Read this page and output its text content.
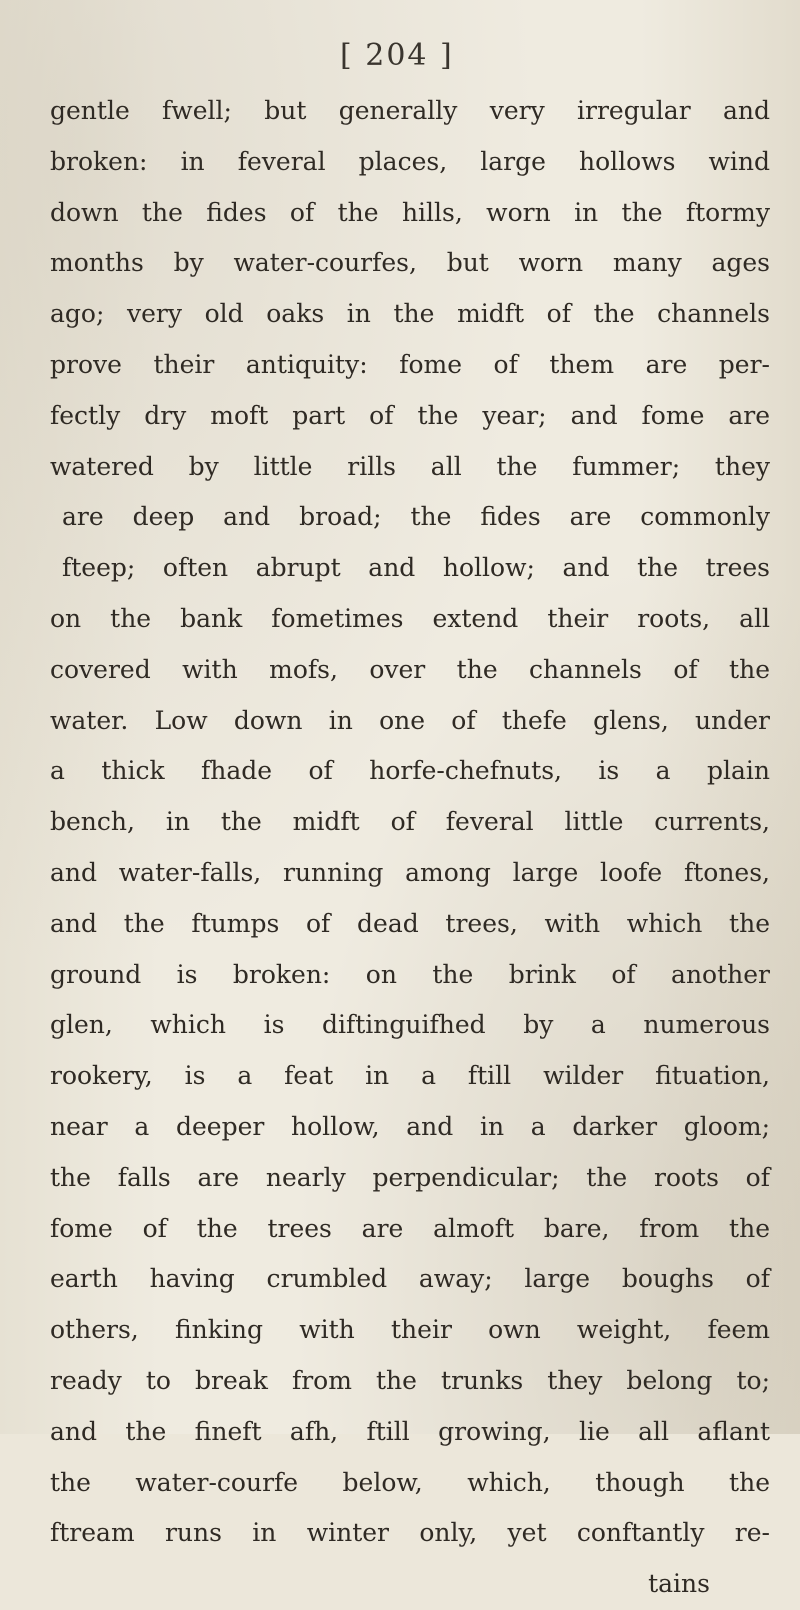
[ 204 ]
gentle fwell; but generally very irregular and
broken: in feveral places, large hollows wind
down the fides of the hills, worn in the ftormy
months by water-courfes, but worn many ages
ago; very old oaks in the midft of the channels
prove their antiquity: fome of them are per-
fectly dry moft part of the year; and fome are
watered by little rills all the fummer; they
are deep and broad; the fides are commonly
fteep; often abrupt and hollow; and the trees
on the bank fometimes extend their roots, all
covered with mofs, over the channels of the
water. Low down in one of thefe glens, under
a thick fhade of horfe-chefnuts, is a plain
bench, in the midft of feveral little currents,
and water-falls, running among large loofe ftones,
and the ftumps of dead trees, with which the
ground is broken: on the brink of another
glen, which is diftinguifhed by a numerous
rookery, is a feat in a ftill wilder fituation,
near a deeper hollow, and in a darker gloom;
the falls are nearly perpendicular; the roots of
fome of the trees are almoft bare, from the
earth having crumbled away; large boughs of
others, finking with their own weight, feem
ready to break from the trunks they belong to;
and the fineft afh, ftill growing, lie all aflant
the water-courfe below, which, though the
ftream runs in winter only, yet conftantly re-
tains
